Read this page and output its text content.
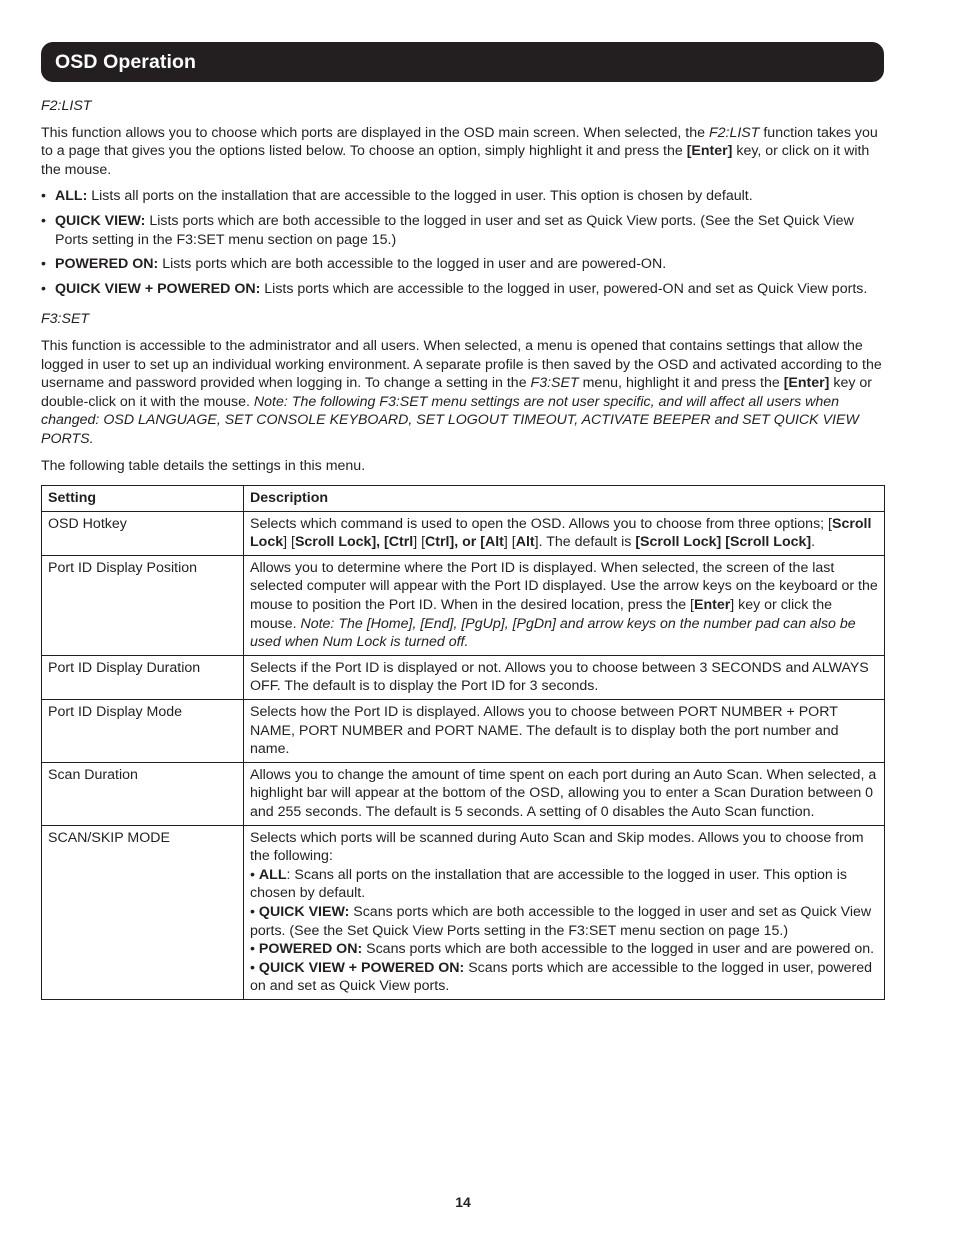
OSD Operation
F2:LIST

This function allows you to choose which ports are displayed in the OSD main screen. When selected, the F2:LIST function takes you to a page that gives you the options listed below. To choose an option, simply highlight it and press the [Enter] key, or click on it with the mouse.

• ALL: Lists all ports on the installation that are accessible to the logged in user. This option is chosen by default.
• QUICK VIEW: Lists ports which are both accessible to the logged in user and set as Quick View ports. (See the Set Quick View Ports setting in the F3:SET menu section on page 15.)
• POWERED ON: Lists ports which are both accessible to the logged in user and are powered-ON.
• QUICK VIEW + POWERED ON: Lists ports which are accessible to the logged in user, powered-ON and set as Quick View ports.
F3:SET

This function is accessible to the administrator and all users. When selected, a menu is opened that contains settings that allow the logged in user to set up an individual working environment. A separate profile is then saved by the OSD and activated according to the username and password provided when logging in. To change a setting in the F3:SET menu, highlight it and press the [Enter] key or double-click on it with the mouse. Note: The following F3:SET menu settings are not user specific, and will affect all users when changed: OSD LANGUAGE, SET CONSOLE KEYBOARD, SET LOGOUT TIMEOUT, ACTIVATE BEEPER and SET QUICK VIEW PORTS.

The following table details the settings in this menu.

Setting	Description
OSD Hotkey	Selects which command is used to open the OSD. Allows you to choose from three options; [Scroll Lock] [Scroll Lock], [Ctrl] [Ctrl], or [Alt] [Alt]. The default is [Scroll Lock] [Scroll Lock].
Port ID Display Position	Allows you to determine where the Port ID is displayed. When selected, the screen of the last selected computer will appear with the Port ID displayed. Use the arrow keys on the keyboard or the mouse to position the Port ID. When in the desired location, press the [Enter] key or click the mouse. Note: The [Home], [End], [PgUp], [PgDn] and arrow keys on the number pad can also be used when Num Lock is turned off.
Port ID Display Duration	Selects if the Port ID is displayed or not. Allows you to choose between 3 SECONDS and ALWAYS OFF. The default is to display the Port ID for 3 seconds.
Port ID Display Mode	Selects how the Port ID is displayed. Allows you to choose between PORT NUMBER + PORT NAME, PORT NUMBER and PORT NAME. The default is to display both the port number and name.
Scan Duration	Allows you to change the amount of time spent on each port during an Auto Scan. When selected, a highlight bar will appear at the bottom of the OSD, allowing you to enter a Scan Duration between 0 and 255 seconds. The default is 5 seconds. A setting of 0 disables the Auto Scan function.
SCAN/SKIP MODE	Selects which ports will be scanned during Auto Scan and Skip modes. Allows you to choose from the following:
• ALL: Scans all ports on the installation that are accessible to the logged in user. This option is chosen by default.
• QUICK VIEW: Scans ports which are both accessible to the logged in user and set as Quick View ports. (See the Set Quick View Ports setting in the F3:SET menu section on page 15.)
• POWERED ON: Scans ports which are both accessible to the logged in user and are powered on.
• QUICK VIEW + POWERED ON: Scans ports which are accessible to the logged in user, powered on and set as Quick View ports.
14
